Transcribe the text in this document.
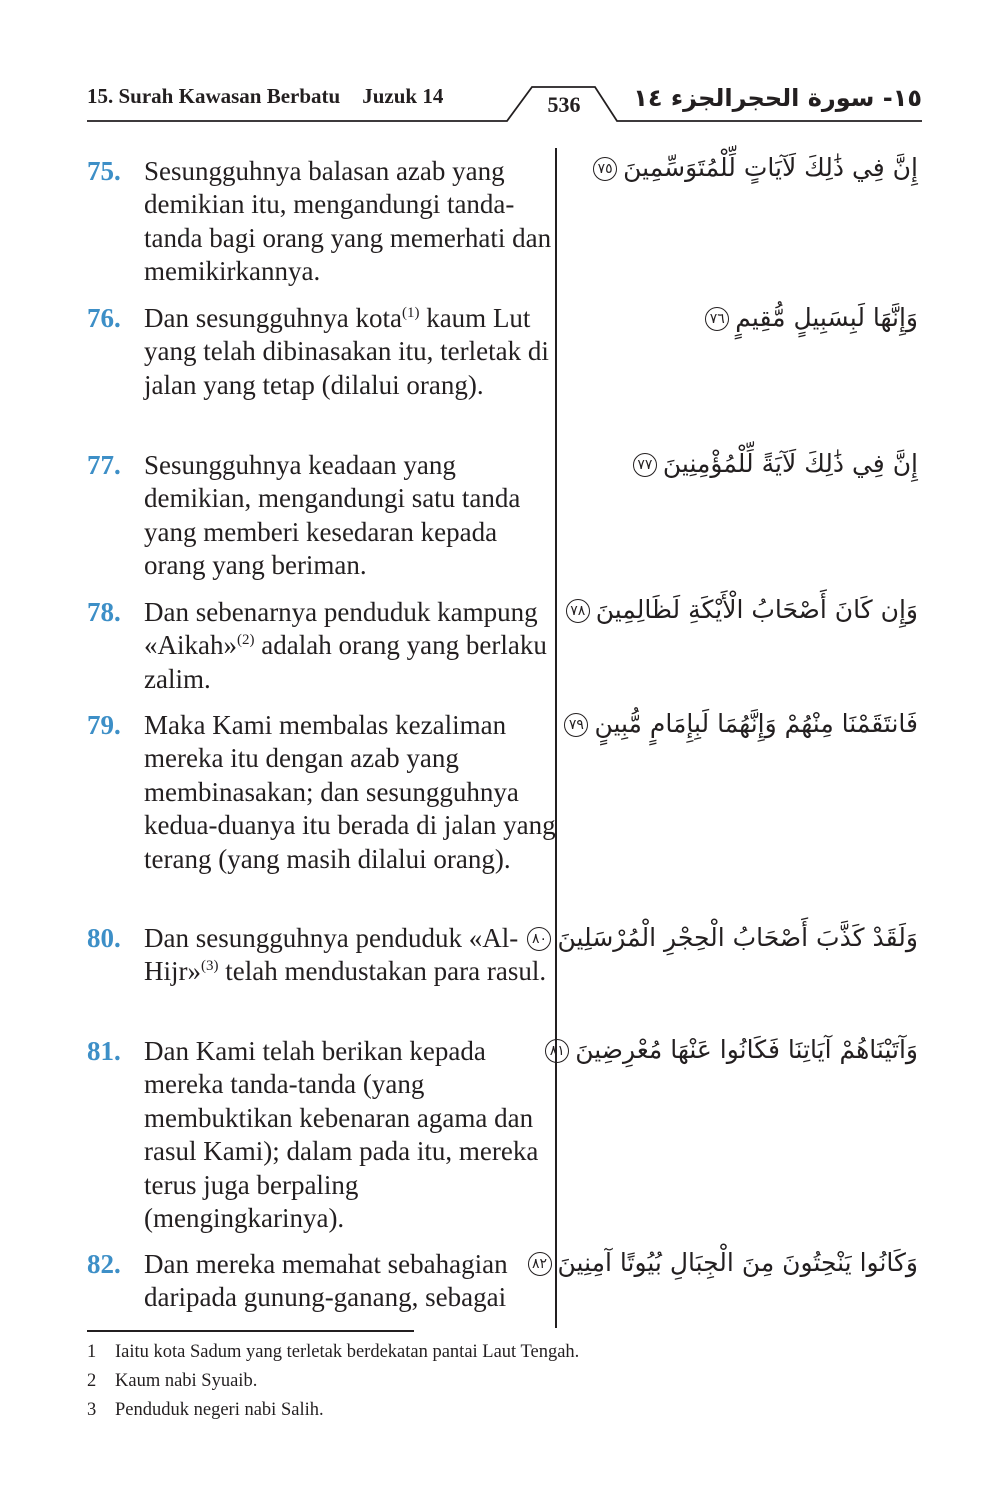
15. Surah Kawasan Berbatu Juzuk 14	536	١٥- سورة الحجرالجزء ١٤
75. Sesungguhnya balasan azab yang demikian itu, mengandungi tanda-tanda bagi orang yang memerhati dan memikirkannya.
إِنَّ فِي ذَٰلِكَ لَآيَاتٍ لِّلْمُتَوَسِّمِينَ٧٥
76. Dan sesungguhnya kota$^{(1)}$ kaum Lut yang telah dibinasakan itu, terletak di jalan yang tetap (dilalui orang).
وَإِنَّهَا لَبِسَبِيلٍ مُّقِيمٍ٧٦
77. Sesungguhnya keadaan yang demikian, mengandungi satu tanda yang memberi kesedaran kepada orang yang beriman.
إِنَّ فِي ذَٰلِكَ لَآيَةً لِّلْمُؤْمِنِينَ٧٧
78. Dan sebenarnya penduduk kampung «Aikah»$^{(2)}$ adalah orang yang berlaku zalim.
وَإِن كَانَ أَصْحَابُ الْأَيْكَةِ لَظَالِمِينَ٧٨
79. Maka Kami membalas kezaliman mereka itu dengan azab yang membinasakan; dan sesungguhnya kedua-duanya itu berada di jalan yang terang (yang masih dilalui orang).
فَانتَقَمْنَا مِنْهُمْ وَإِنَّهُمَا لَبِإِمَامٍ مُّبِينٍ٧٩
80. Dan sesungguhnya penduduk «Al-Hijr»$^{(3)}$ telah mendustakan para rasul.
وَلَقَدْ كَذَّبَ أَصْحَابُ الْحِجْرِ الْمُرْسَلِينَ٨٠
81. Dan Kami telah berikan kepada mereka tanda-tanda (yang membuktikan kebenaran agama dan rasul Kami); dalam pada itu, mereka terus juga berpaling (mengingkarinya).
وَآتَيْنَاهُمْ آيَاتِنَا فَكَانُوا عَنْهَا مُعْرِضِينَ٨١
82. Dan mereka memahat sebahagian daripada gunung-ganang, sebagai
وَكَانُوا يَنْحِتُونَ مِنَ الْجِبَالِ بُيُوتًا آمِنِينَ٨٢
1 Iaitu kota Sadum yang terletak berdekatan pantai Laut Tengah.
2 Kaum nabi Syuaib.
3 Penduduk negeri nabi Salih.
